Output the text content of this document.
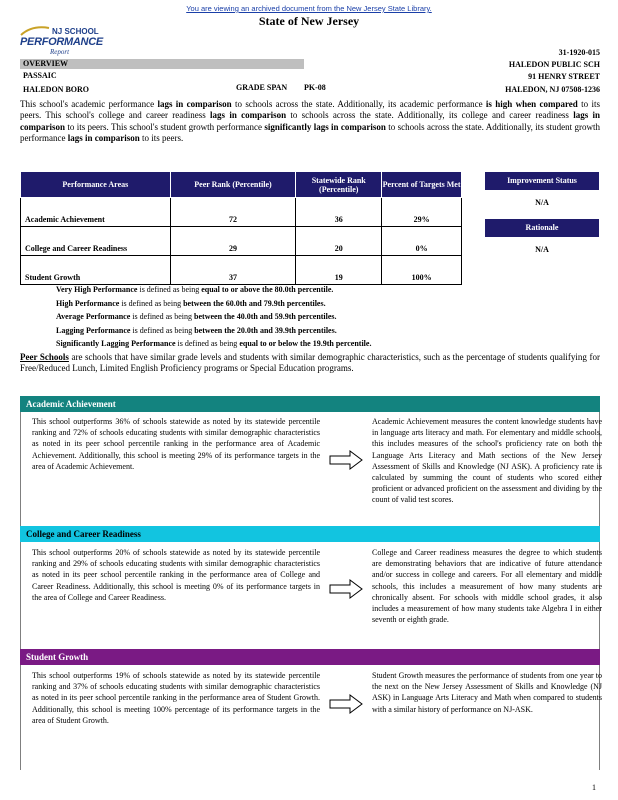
You are viewing an archived document from the New Jersey State Library.
State of New Jersey
NJ SCHOOL
PERFORMANCE
Report
OVERVIEW
PASSAIC
HALEDON BORO	GRADE SPAN PK-08
31-1920-015
HALEDON PUBLIC SCH
91 HENRY STREET
HALEDON, NJ 07508-1236
This school's academic performance lags in comparison to schools across the state. Additionally, its academic performance is high when compared to its peers. This school's college and career readiness lags in comparison to schools across the state. Additionally, its college and career readiness lags in comparison to its peers. This school's student growth performance significantly lags in comparison to schools across the state. Additionally, its student growth performance lags in comparison to its peers.
Performance Areas	Peer Rank (Percentile)	Statewide Rank (Percentile)	Percent of Targets Met
Academic Achievement	72	36	29%
College and Career Readiness	29	20	0%
Student Growth	37	19	100%
Improvement Status
N/A
Rationale
N/A
Very High Performance is defined as being equal to or above the 80.0th percentile.
High Performance is defined as being between the 60.0th and 79.9th percentiles.
Average Performance is defined as being between the 40.0th and 59.9th percentiles.
Lagging Performance is defined as being between the 20.0th and 39.9th percentiles.
Significantly Lagging Performance is defined as being equal to or below the 19.9th percentile.
Peer Schools are schools that have similar grade levels and students with similar demographic characteristics, such as the percentage of students qualifying for Free/Reduced Lunch, Limited English Proficiency programs or Special Education programs.
Academic Achievement
This school outperforms 36% of schools statewide as noted by its statewide percentile ranking and 72% of schools educating students with similar demographic characteristics as noted in its peer school percentile ranking in the performance area of Academic Achievement. Additionally, this school is meeting 29% of its performance targets in the area of Academic Achievement.
Academic Achievement measures the content knowledge students have in language arts literacy and math. For elementary and middle schools, this includes measures of the school's proficiency rate on both the Language Arts Literacy and Math sections of the New Jersey Assessment of Skills and Knowledge (NJ ASK). A proficiency rate is calculated by summing the count of students who scored either proficient or advanced proficient on the assessment and dividing by the count of valid test scores.
College and Career Readiness
This school outperforms 20% of schools statewide as noted by its statewide percentile ranking and 29% of schools educating students with similar demographic characteristics as noted in its peer school percentile ranking in the performance area of College and Career Readiness. Additionally, this school is meeting 0% of its performance targets in the area of College and Career Readiness.
College and Career readiness measures the degree to which students are demonstrating behaviors that are indicative of future attendance and/or success in college and careers. For all elementary and middle schools, this includes a measurement of how many students are chronically absent. For schools with middle school grades, it also includes a measurement of how many students take Algebra I in either seventh or eighth grade.
Student Growth
This school outperforms 19% of schools statewide as noted by its statewide percentile ranking and 37% of schools educating students with similar demographic characteristics as noted in its peer school percentile ranking in the performance area of Student Growth. Additionally, this school is meeting 100% percentage of its performance targets in the area of Student Growth.
Student Growth measures the performance of students from one year to the next on the New Jersey Assessment of Skills and Knowledge (NJ ASK) in Language Arts Literacy and Math when compared to students with a similar history of performance on NJ-ASK.
1
